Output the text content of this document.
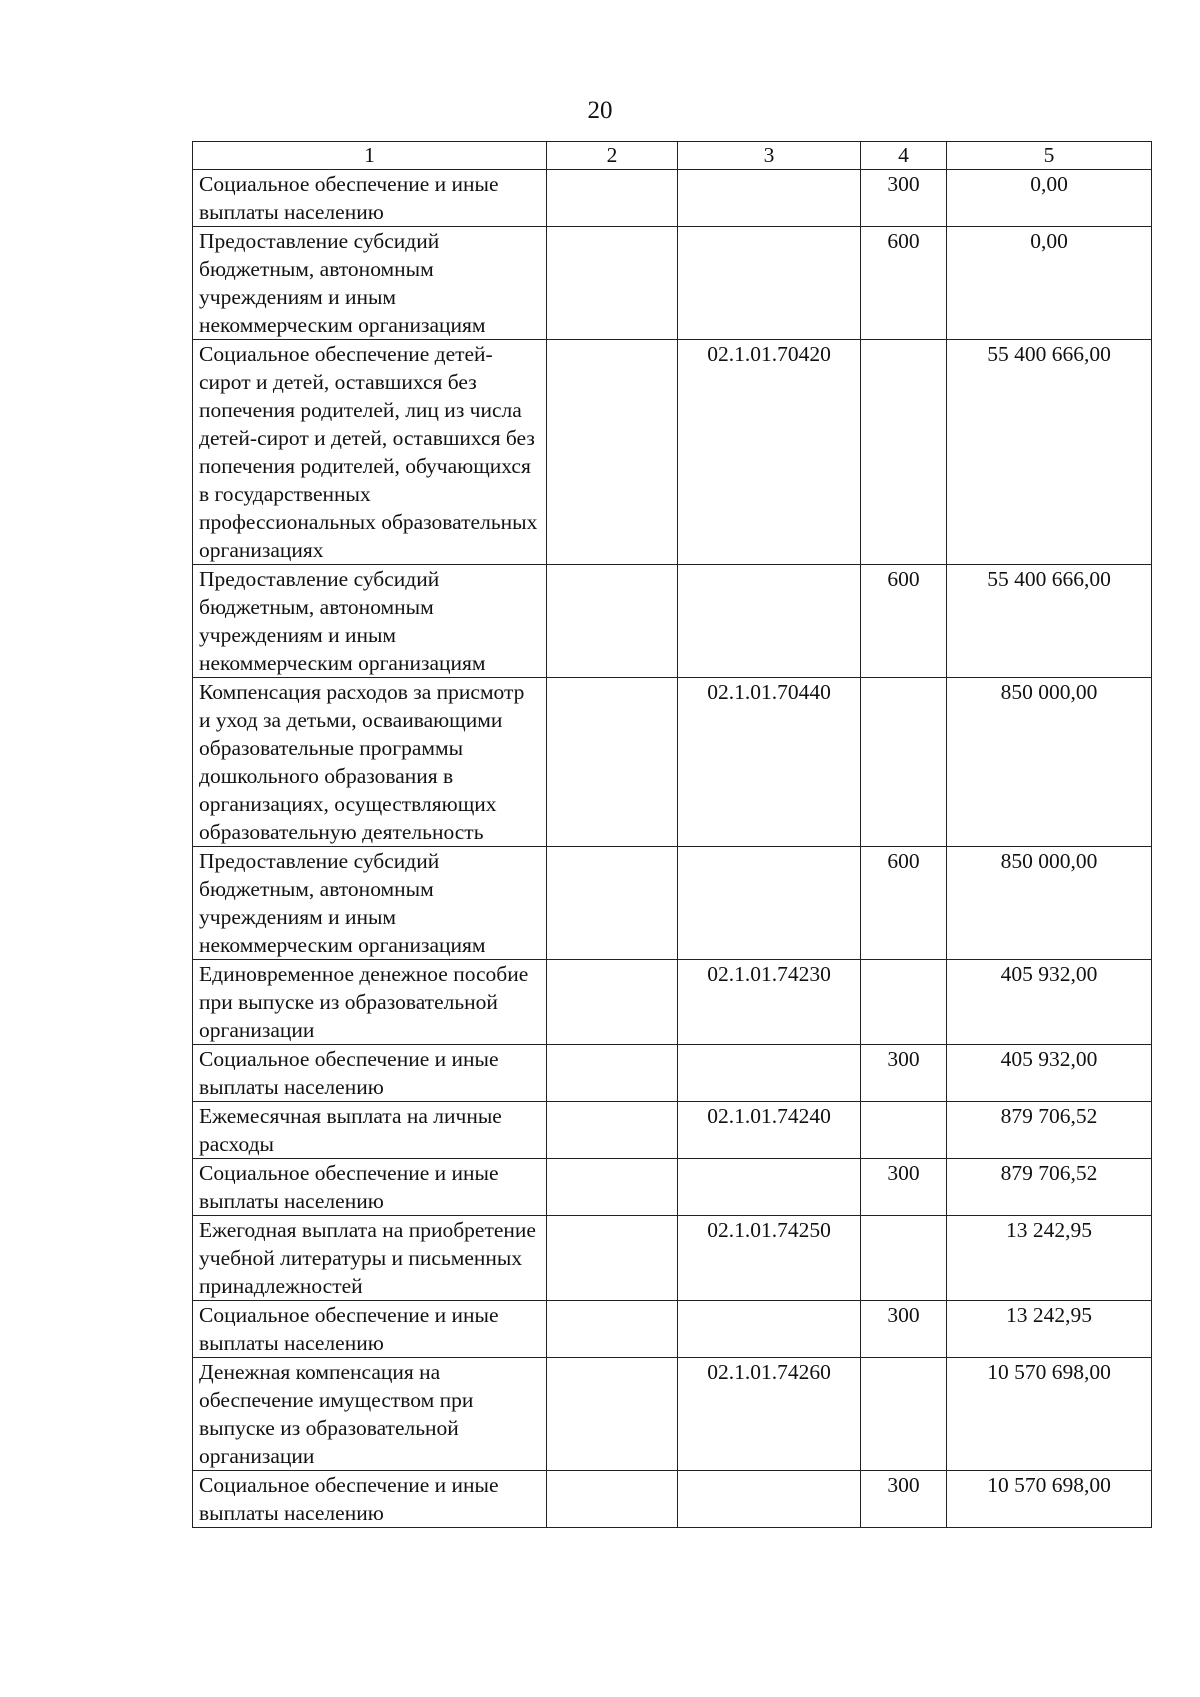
20
1	2	3	4	5
Социальное обеспечение и иные выплаты населению			300	0,00
Предоставление субсидий бюджетным, автономным учреждениям и иным некоммерческим организациям			600	0,00
Социальное обеспечение детей-сирот и детей, оставшихся без попечения родителей, лиц из числа детей-сирот и детей, оставшихся без попечения родителей, обучающихся в государственных профессиональных образовательных организациях		02.1.01.70420		55 400 666,00
Предоставление субсидий бюджетным, автономным учреждениям и иным некоммерческим организациям			600	55 400 666,00
Компенсация расходов за присмотр и уход за детьми, осваивающими образовательные программы дошкольного образования в организациях, осуществляющих образовательную деятельность		02.1.01.70440		850 000,00
Предоставление субсидий бюджетным, автономным учреждениям и иным некоммерческим организациям			600	850 000,00
Единовременное денежное пособие при выпуске из образовательной организации		02.1.01.74230		405 932,00
Социальное обеспечение и иные выплаты населению			300	405 932,00
Ежемесячная выплата на личные расходы		02.1.01.74240		879 706,52
Социальное обеспечение и иные выплаты населению			300	879 706,52
Ежегодная выплата на приобретение учебной литературы и письменных принадлежностей		02.1.01.74250		13 242,95
Социальное обеспечение и иные выплаты населению			300	13 242,95
Денежная компенсация на обеспечение имуществом при выпуске из образовательной организации		02.1.01.74260		10 570 698,00
Социальное обеспечение и иные выплаты населению			300	10 570 698,00
